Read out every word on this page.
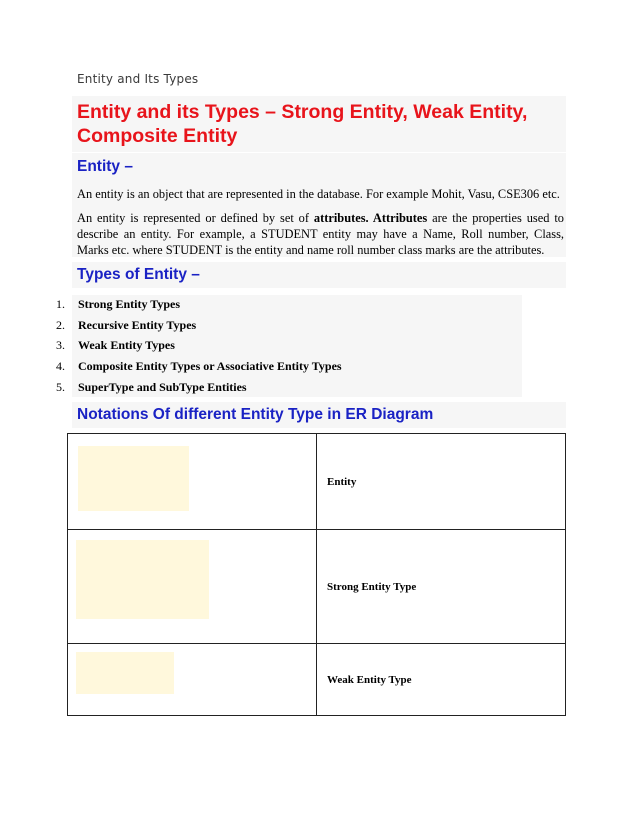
Entity and Its Types
Entity and its Types – Strong Entity, Weak Entity, Composite Entity
Entity –

An entity is an object that are represented in the database. For example Mohit, Vasu, CSE306 etc.

An entity is represented or defined by set of attributes. Attributes are the properties used to describe an entity. For example, a STUDENT entity may have a Name, Roll number, Class, Marks etc. where STUDENT is the entity and name roll number class marks are the attributes.

Types of Entity –
1. Strong Entity Types
2. Recursive Entity Types
3. Weak Entity Types
4. Composite Entity Types or Associative Entity Types
5. SuperType and SubType Entities
Notations Of different Entity Type in ER Diagram
	Entity

	Strong Entity Type

	Weak Entity Type
